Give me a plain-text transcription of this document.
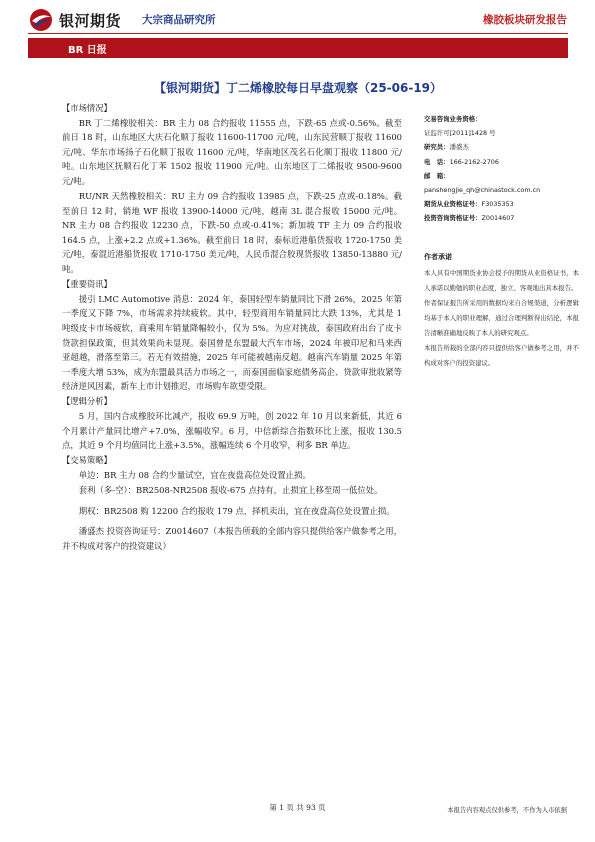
银河期货 大宗商品研究所	橡胶板块研发报告
BR 日报
【银河期货】丁二烯橡胶每日早盘观察（25-06-19）
【市场情况】
BR 丁二烯橡胶相关：BR 主力 08 合约报收 11555 点，下跌-65 点或-0.56%。截至前日 18 时，山东地区大庆石化顺丁报收 11600-11700 元/吨，山东民营顺丁报收 11600 元/吨、华东市场扬子石化顺丁报收 11600 元/吨，华南地区茂名石化顺丁报收 11800 元/吨。山东地区抚顺石化丁苯 1502 报收 11900 元/吨。山东地区丁二烯报收 9500-9600 元/吨。
RU/NR 天然橡胶相关：RU 主力 09 合约报收 13985 点，下跌-25 点或-0.18%。截至前日 12 时，销地 WF 报收 13900-14000 元/吨，越南 3L 混合报收 15000 元/吨。NR 主力 08 合约报收 12230 点，下跌-50 点或-0.41%；新加坡 TF 主力 09 合约报收 164.5 点，上涨+2.2 点或+1.36%。截至前日 18 时，泰标近港船货报收 1720-1750 美元/吨，泰混近港船货报收 1710-1750 美元/吨，人民币混合胶现货报收 13850-13880 元/吨。
【重要资讯】
援引 LMC Automotive 消息：2024 年，泰国轻型车销量同比下滑 26%，2025 年第一季度又下降 7%，市场需求持续疲软。其中，轻型商用车销量同比大跌 13%，尤其是 1 吨级皮卡市场疲软，商乘用车销量降幅较小，仅为 5%。为应对挑战，泰国政府出台了皮卡贷款担保政策，但其效果尚未显现。泰国曾是东盟最大汽车市场，2024 年被印尼和马来西亚超越，滑落至第三。若无有效措施，2025 年可能被越南反超。越南汽车销量 2025 年第一季度大增 53%，成为东盟最具活力市场之一，而泰国面临家庭债务高企、贷款审批收紧等经济逆风因素，新车上市计划推迟，市场购车欲望受限。
【逻辑分析】
5 月，国内合成橡胶环比减产，报收 69.9 万吨，创 2022 年 10 月以来新低，其近 6 个月累计产量同比增产+7.0%，涨幅收窄。6 月，中信新综合指数环比上涨，报收 130.5 点，其近 9 个月均值同比上涨+3.5%，涨幅连续 6 个月收窄，利多 BR 单边。
【交易策略】
单边：BR 主力 08 合约少量试空，宜在夜盘高位处设置止损。
套利（多-空）：BR2508-NR2508 报收-675 点持有，止损宜上移至周一低位处。
期权：BR2508 购 12200 合约报收 179 点，择机卖出，宜在夜盘高位处设置止损。
潘盛杰 投资咨询证号：Z0014607（本报告所载的全部内容只提供给客户做参考之用，并不构成对客户的投资建议）
交易咨询业务资格：
证监许可[2011]1428 号
研究员：潘盛杰
电　话：166-2162-2706
邮　箱：
panshengjie_qh@chinastock.com.cn
期货从业资格证号：F3035353
投资咨询资格证号：Z0014607
作者承诺
本人具有中国期货业协会授予的期货从业资格证书，本人承诺以勤勉的职业态度，独立、客观地出具本报告。
作者保证报告所采用的数据均来自合规渠道，分析逻辑均基于本人的职业理解，通过合理判断得出结论，本报告清晰准确地反映了本人的研究观点。
本报告所载的全部内容只提供给客户做参考之用，并不构成对客户的投资建议。
第 1 页 共 93 页	本报告内容观点仅供参考，不作为入市依据
